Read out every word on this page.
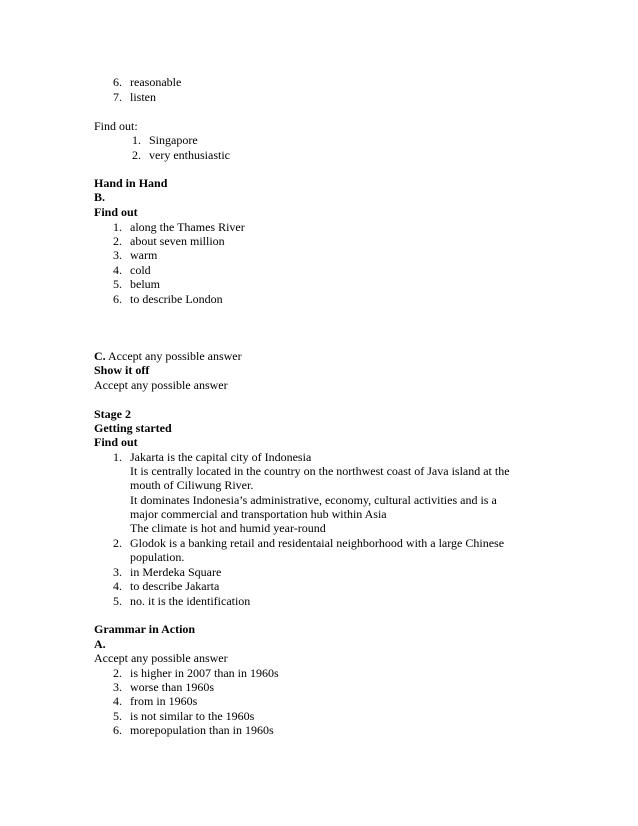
6. reasonable
7. listen
Find out:
1. Singapore
2. very enthusiastic
Hand in Hand
B.
Find out
1. along the Thames River
2. about seven million
3. warm
4. cold
5. belum
6. to describe London
C. Accept any possible answer
Show it off
Accept any possible answer
Stage 2
Getting started
Find out
1. Jakarta is the capital city of Indonesia
It is centrally located in the country on the northwest coast of Java island at the
mouth of Ciliwung River.
It dominates Indonesia’s administrative, economy, cultural activities and is a
major commercial and transportation hub within Asia
The climate is hot and humid year-round
2. Glodok is a banking retail and residentaial neighborhood with a large Chinese
population.
3. in Merdeka Square
4. to describe Jakarta
5. no. it is the identification
Grammar in Action
A.
Accept any possible answer
2. is higher in 2007 than in 1960s
3. worse than 1960s
4. from in 1960s
5. is not similar to the 1960s
6. morepopulation than in 1960s
